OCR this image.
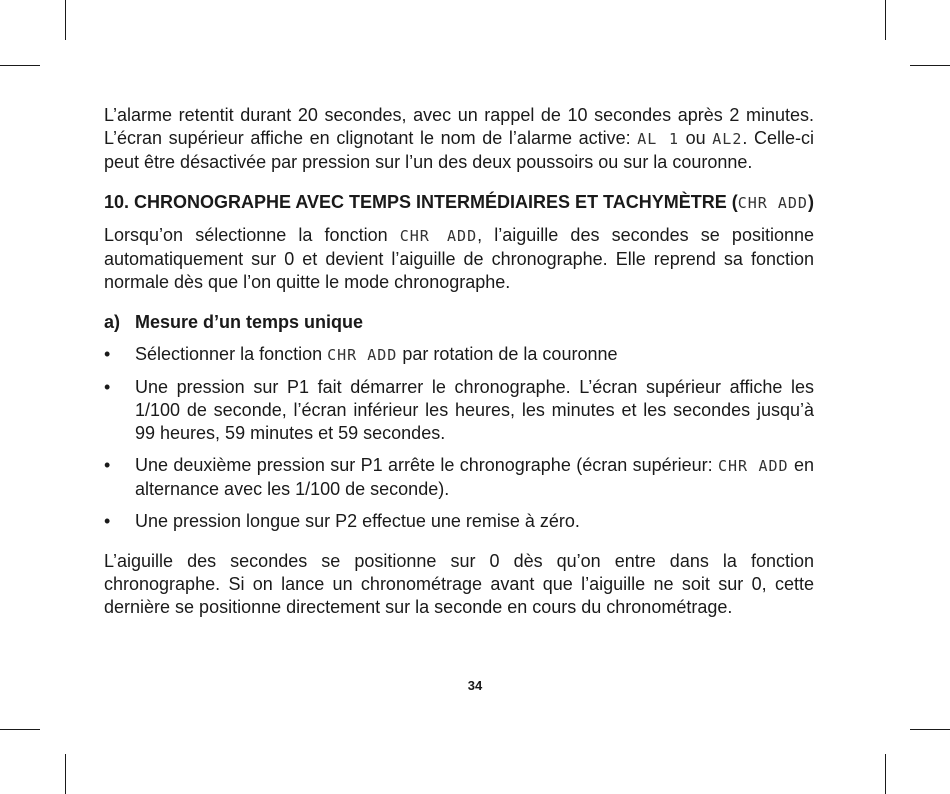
L’alarme retentit durant 20 secondes, avec un rappel de 10 secondes après 2 minutes. L’écran supérieur affiche en clignotant le nom de l’alarme active: AL 1 ou AL2. Celle-ci peut être désactivée par pression sur l’un des deux poussoirs ou sur la couronne.

10. CHRONOGRAPHE AVEC TEMPS INTERMÉDIAIRES ET TACHYMÈTRE (CHR ADD)

Lorsqu’on sélectionne la fonction CHR ADD, l’aiguille des secondes se positionne automatiquement sur 0 et devient l’aiguille de chronographe. Elle reprend sa fonction normale dès que l’on quitte le mode chronographe.

a) Mesure d’un temps unique

•	Sélectionner la fonction CHR ADD par rotation de la couronne
•	Une pression sur P1 fait démarrer le chronographe. L’écran supérieur affiche les 1/100 de seconde, l’écran inférieur les heures, les minutes et les secondes jusqu’à 99 heures, 59 minutes et 59 secondes.
•	Une deuxième pression sur P1 arrête le chronographe (écran supérieur: CHR ADD en alternance avec les 1/100 de seconde).
•	Une pression longue sur P2 effectue une remise à zéro.

L’aiguille des secondes se positionne sur 0 dès qu’on entre dans la fonction chronographe. Si on lance un chronométrage avant que l’aiguille ne soit sur 0, cette dernière se positionne directement sur la seconde en cours du chronométrage.

34
